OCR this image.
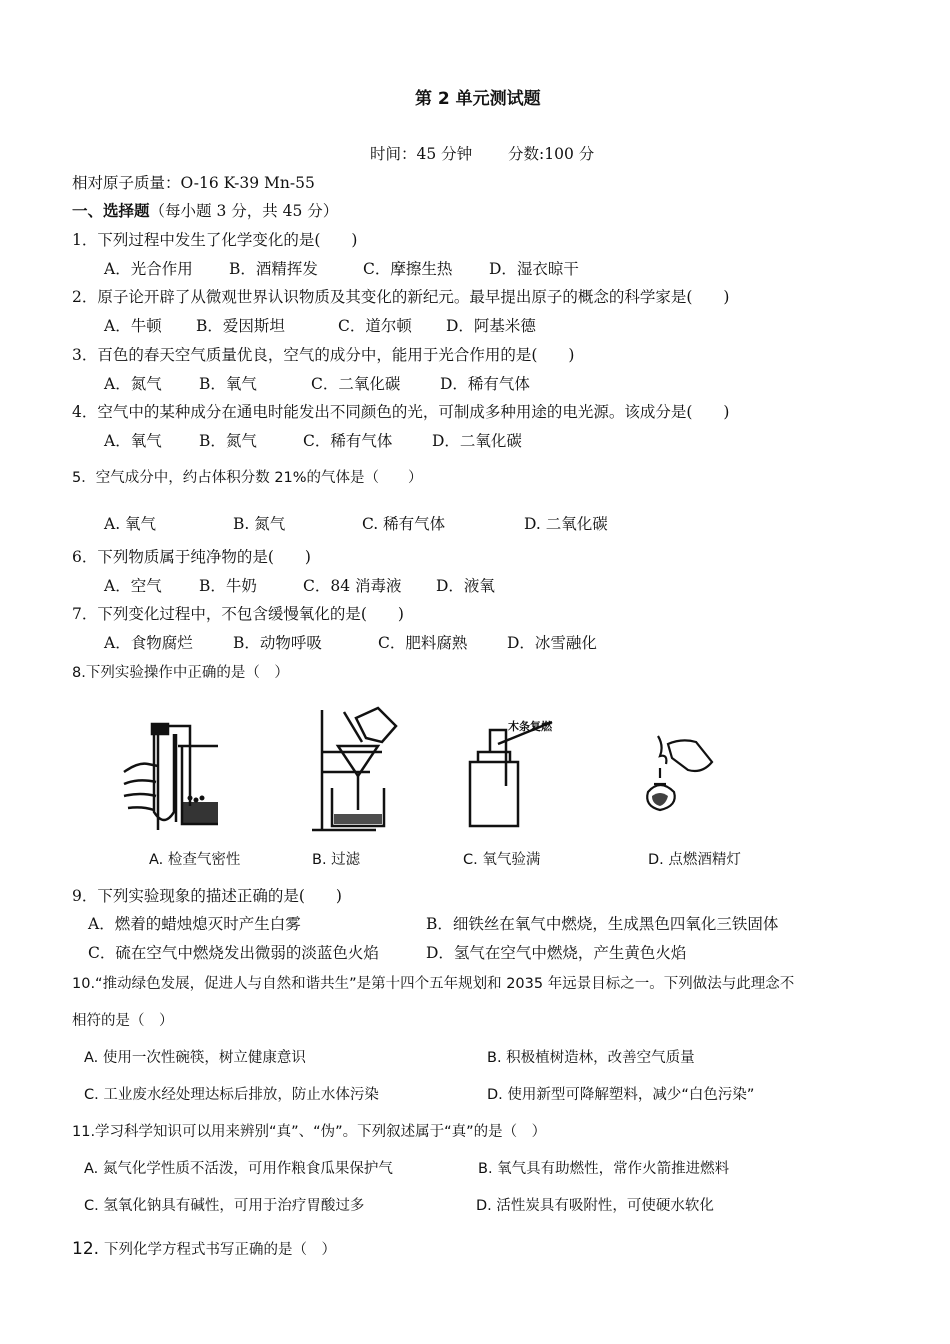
第 2 单元测试题
时间：45 分钟 分数:100 分
相对原子质量：O-16 K-39 Mn-55
一、选择题（每小题 3 分，共 45 分）
1．下列过程中发生了化学变化的是(　　)
A．光合作用 B．酒精挥发	C．摩擦生热 D．湿衣晾干
2．原子论开辟了从微观世界认识物质及其变化的新纪元。最早提出原子的概念的科学家是(　　)
A．牛顿 B．爱因斯坦	C．道尔顿 D．阿基米德
3．百色的春天空气质量优良，空气的成分中，能用于光合作用的是(　　)
A．氮气 B．氧气	C．二氧化碳	D．稀有气体
4．空气中的某种成分在通电时能发出不同颜色的光，可制成多种用途的电光源。该成分是(　　)
A．氧气 B．氮气	C．稀有气体	D．二氧化碳
5．空气成分中，约占体积分数 21%的气体是（　　）
A. 氧气	B. 氮气	C. 稀有气体	D. 二氧化碳
6．下列物质属于纯净物的是(　　)
A．空气 B．牛奶	C．84 消毒液 D．液氧
7．下列变化过程中，不包含缓慢氧化的是(　　)
A．食物腐烂	B．动物呼吸	C．肥料腐熟	D．冰雪融化
8.下列实验操作中正确的是（　）
木条复燃
A. 检查气密性	B. 过滤	C. 氧气验满	D. 点燃酒精灯
9．下列实验现象的描述正确的是(　　)
A．燃着的蜡烛熄灭时产生白雾	B．细铁丝在氧气中燃烧，生成黑色四氧化三铁固体
C．硫在空气中燃烧发出微弱的淡蓝色火焰	D．氢气在空气中燃烧，产生黄色火焰
10.“推动绿色发展，促进人与自然和谐共生”是第十四个五年规划和 2035 年远景目标之一。下列做法与此理念不
相符的是（　）
A. 使用一次性碗筷，树立健康意识	B. 积极植树造林，改善空气质量
C. 工业废水经处理达标后排放，防止水体污染	D. 使用新型可降解塑料，减少“白色污染”
11.学习科学知识可以用来辨别“真”、“伪”。下列叙述属于“真”的是（　）
A. 氮气化学性质不活泼，可用作粮食瓜果保护气	B. 氧气具有助燃性，常作火箭推进燃料
C. 氢氧化钠具有碱性，可用于治疗胃酸过多	D. 活性炭具有吸附性，可使硬水软化
12. 下列化学方程式书写正确的是（　）
